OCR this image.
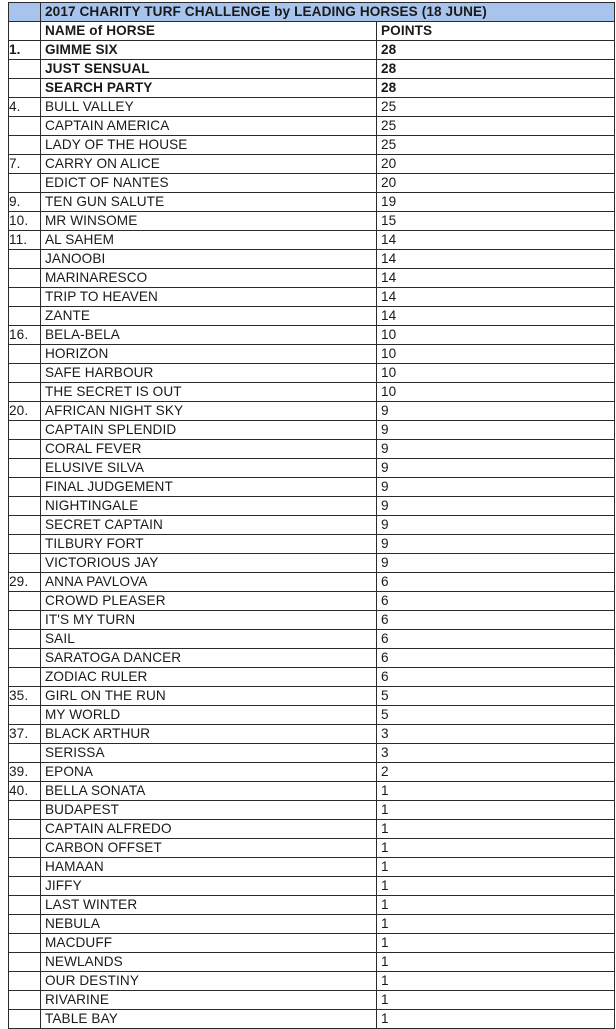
	2017 CHARITY TURF CHALLENGE by LEADING HORSES (18 JUNE)	
	NAME of HORSE	POINTS
1.	GIMME SIX	28
	JUST SENSUAL	28
	SEARCH PARTY	28
4.	BULL VALLEY	25
	CAPTAIN AMERICA	25
	LADY OF THE HOUSE	25
7.	CARRY ON ALICE	20
	EDICT OF NANTES	20
9.	TEN GUN SALUTE	19
10.	MR WINSOME	15
11.	AL SAHEM	14
	JANOOBI	14
	MARINARESCO	14
	TRIP TO HEAVEN	14
	ZANTE	14
16.	BELA-BELA	10
	HORIZON	10
	SAFE HARBOUR	10
	THE SECRET IS OUT	10
20.	AFRICAN NIGHT SKY	9
	CAPTAIN SPLENDID	9
	CORAL FEVER	9
	ELUSIVE SILVA	9
	FINAL JUDGEMENT	9
	NIGHTINGALE	9
	SECRET CAPTAIN	9
	TILBURY FORT	9
	VICTORIOUS JAY	9
29.	ANNA PAVLOVA	6
	CROWD PLEASER	6
	IT'S MY TURN	6
	SAIL	6
	SARATOGA DANCER	6
	ZODIAC RULER	6
35.	GIRL ON THE RUN	5
	MY WORLD	5
37.	BLACK ARTHUR	3
	SERISSA	3
39.	EPONA	2
40.	BELLA SONATA	1
	BUDAPEST	1
	CAPTAIN ALFREDO	1
	CARBON OFFSET	1
	HAMAAN	1
	JIFFY	1
	LAST WINTER	1
	NEBULA	1
	MACDUFF	1
	NEWLANDS	1
	OUR DESTINY	1
	RIVARINE	1
	TABLE BAY	1
